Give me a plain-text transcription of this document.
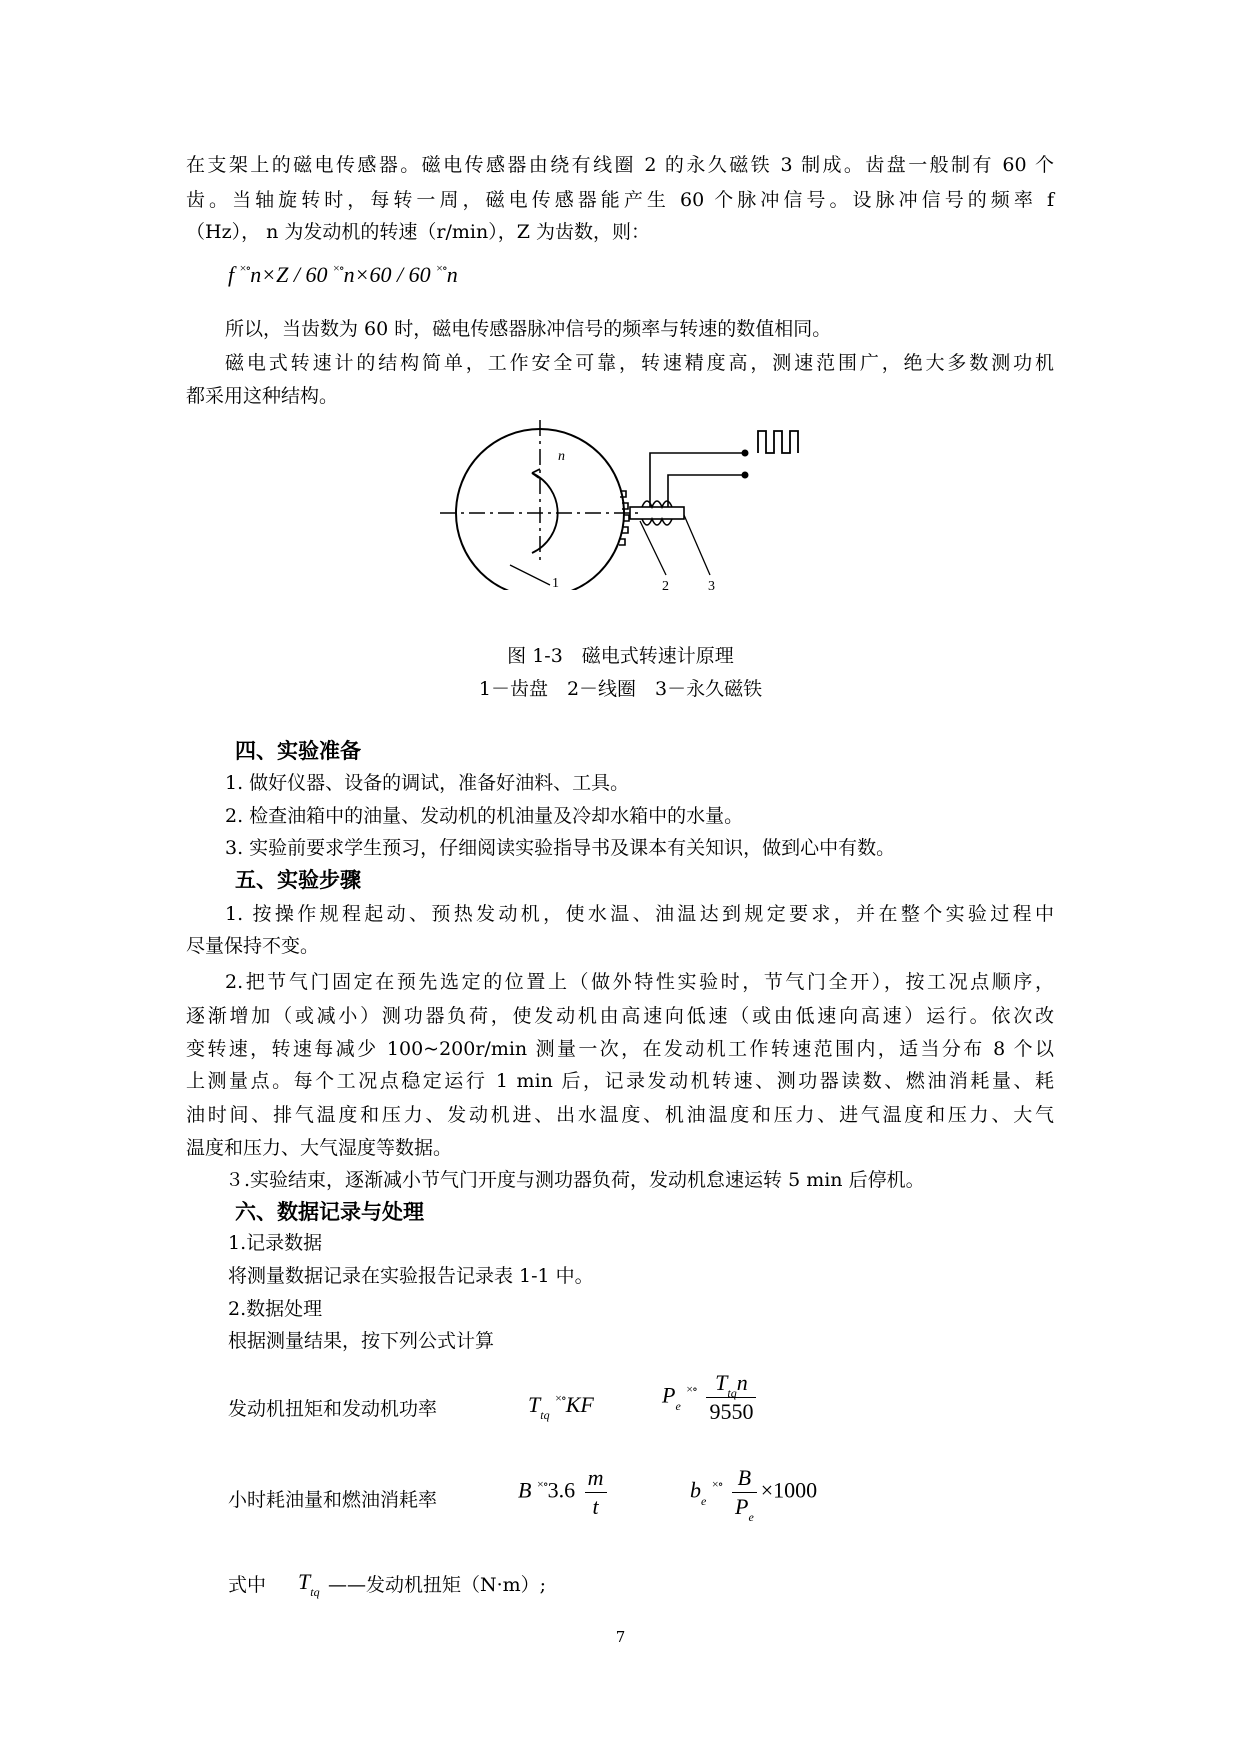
在支架上的磁电传感器。磁电传感器由绕有线圈 2 的永久磁铁 3 制成。齿盘一般制有 60 个
齿。当轴旋转时，每转一周，磁电传感器能产生 60 个脉冲信号。设脉冲信号的频率 f
（Hz）， n 为发动机的转速（r/min），Z 为齿数，则：
f ×∘n×Z / 60 ×∘n×60 / 60 ×∘n
所以，当齿数为 60 时，磁电传感器脉冲信号的频率与转速的数值相同。
磁电式转速计的结构简单，工作安全可靠，转速精度高，测速范围广，绝大多数测功机
都采用这种结构。
n
1	2	3
图 1-3　磁电式转速计原理
1－齿盘　2－线圈　3－永久磁铁
四、实验准备
1. 做好仪器、设备的调试，准备好油料、工具。
2. 检查油箱中的油量、发动机的机油量及冷却水箱中的水量。
3. 实验前要求学生预习，仔细阅读实验指导书及课本有关知识，做到心中有数。
五、实验步骤
1. 按操作规程起动、预热发动机，使水温、油温达到规定要求，并在整个实验过程中
尽量保持不变。
2.把节气门固定在预先选定的位置上（做外特性实验时，节气门全开），按工况点顺序，
逐渐增加（或减小）测功器负荷，使发动机由高速向低速（或由低速向高速）运行。依次改
变转速，转速每减少 100~200r/min 测量一次，在发动机工作转速范围内，适当分布 8 个以
上测量点。每个工况点稳定运行 1 min 后，记录发动机转速、测功器读数、燃油消耗量、耗
油时间、排气温度和压力、发动机进、出水温度、机油温度和压力、进气温度和压力、大气
温度和压力、大气湿度等数据。
３.实验结束，逐渐减小节气门开度与测功器负荷，发动机怠速运转 5 min 后停机。
六、数据记录与处理
1.记录数据
将测量数据记录在实验报告记录表 1-1 中。
2.数据处理
根据测量结果，按下列公式计算
发动机扭矩和发动机功率	$T_{tq}$ ×∘KF	$P_e$ $^{\times\circ} \frac{T_{tq}n}{9550}$
小时耗油量和燃油消耗率	B $^{\times\circ}3.6 \frac{m}{t}$	$b_e$ $^{\times\circ} \frac{B}{P_e} \times 1000$
式中 $T_{tq}$ ——发动机扭矩（N·m）;
7
